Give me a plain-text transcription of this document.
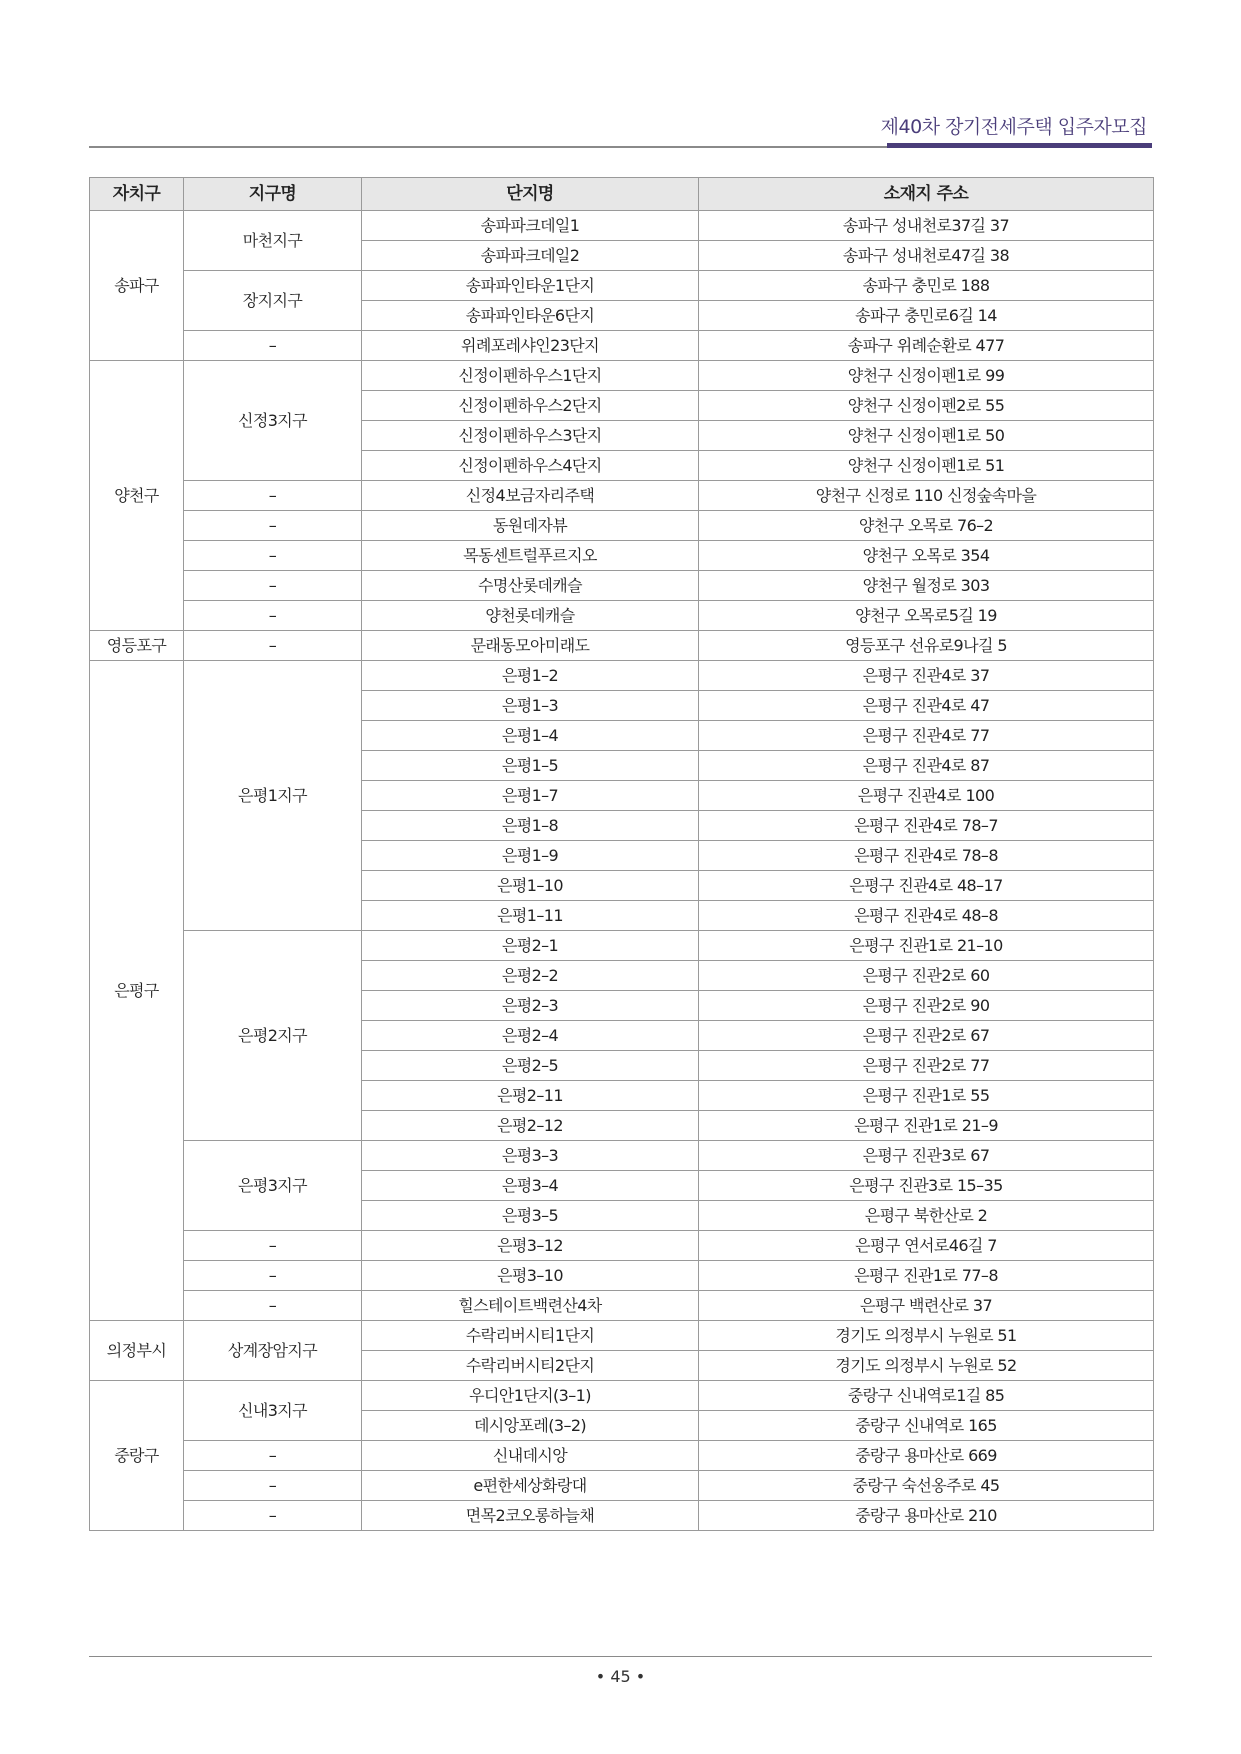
제40차 장기전세주택 입주자모집
자치구	지구명	단지명	소재지 주소
송파구	마천지구	송파파크데일1	송파구 성내천로37길 37
		송파파크데일2	송파구 성내천로47길 38
	장지지구	송파파인타운1단지	송파구 충민로 188
		송파파인타운6단지	송파구 충민로6길 14
	–	위례포레샤인23단지	송파구 위례순환로 477
양천구	신정3지구	신정이펜하우스1단지	양천구 신정이펜1로 99
		신정이펜하우스2단지	양천구 신정이펜2로 55
		신정이펜하우스3단지	양천구 신정이펜1로 50
		신정이펜하우스4단지	양천구 신정이펜1로 51
	–	신정4보금자리주택	양천구 신정로 110 신정숲속마을
	–	동원데자뷰	양천구 오목로 76–2
	–	목동센트럴푸르지오	양천구 오목로 354
	–	수명산롯데캐슬	양천구 월정로 303
	–	양천롯데캐슬	양천구 오목로5길 19
영등포구	–	문래동모아미래도	영등포구 선유로9나길 5
은평구	은평1지구	은평1–2	은평구 진관4로 37
		은평1–3	은평구 진관4로 47
		은평1–4	은평구 진관4로 77
		은평1–5	은평구 진관4로 87
		은평1–7	은평구 진관4로 100
		은평1–8	은평구 진관4로 78–7
		은평1–9	은평구 진관4로 78–8
		은평1–10	은평구 진관4로 48–17
		은평1–11	은평구 진관4로 48–8
	은평2지구	은평2–1	은평구 진관1로 21–10
		은평2–2	은평구 진관2로 60
		은평2–3	은평구 진관2로 90
		은평2–4	은평구 진관2로 67
		은평2–5	은평구 진관2로 77
		은평2–11	은평구 진관1로 55
		은평2–12	은평구 진관1로 21–9
	은평3지구	은평3–3	은평구 진관3로 67
		은평3–4	은평구 진관3로 15–35
		은평3–5	은평구 북한산로 2
	–	은평3–12	은평구 연서로46길 7
	–	은평3–10	은평구 진관1로 77–8
	–	힐스테이트백련산4차	은평구 백련산로 37
의정부시	상계장암지구	수락리버시티1단지	경기도 의정부시 누원로 51
		수락리버시티2단지	경기도 의정부시 누원로 52
중랑구	신내3지구	우디안1단지(3–1)	중랑구 신내역로1길 85
		데시앙포레(3–2)	중랑구 신내역로 165
	–	신내데시앙	중랑구 용마산로 669
	–	e편한세상화랑대	중랑구 숙선옹주로 45
	–	면목2코오롱하늘채	중랑구 용마산로 210
• 45 •
